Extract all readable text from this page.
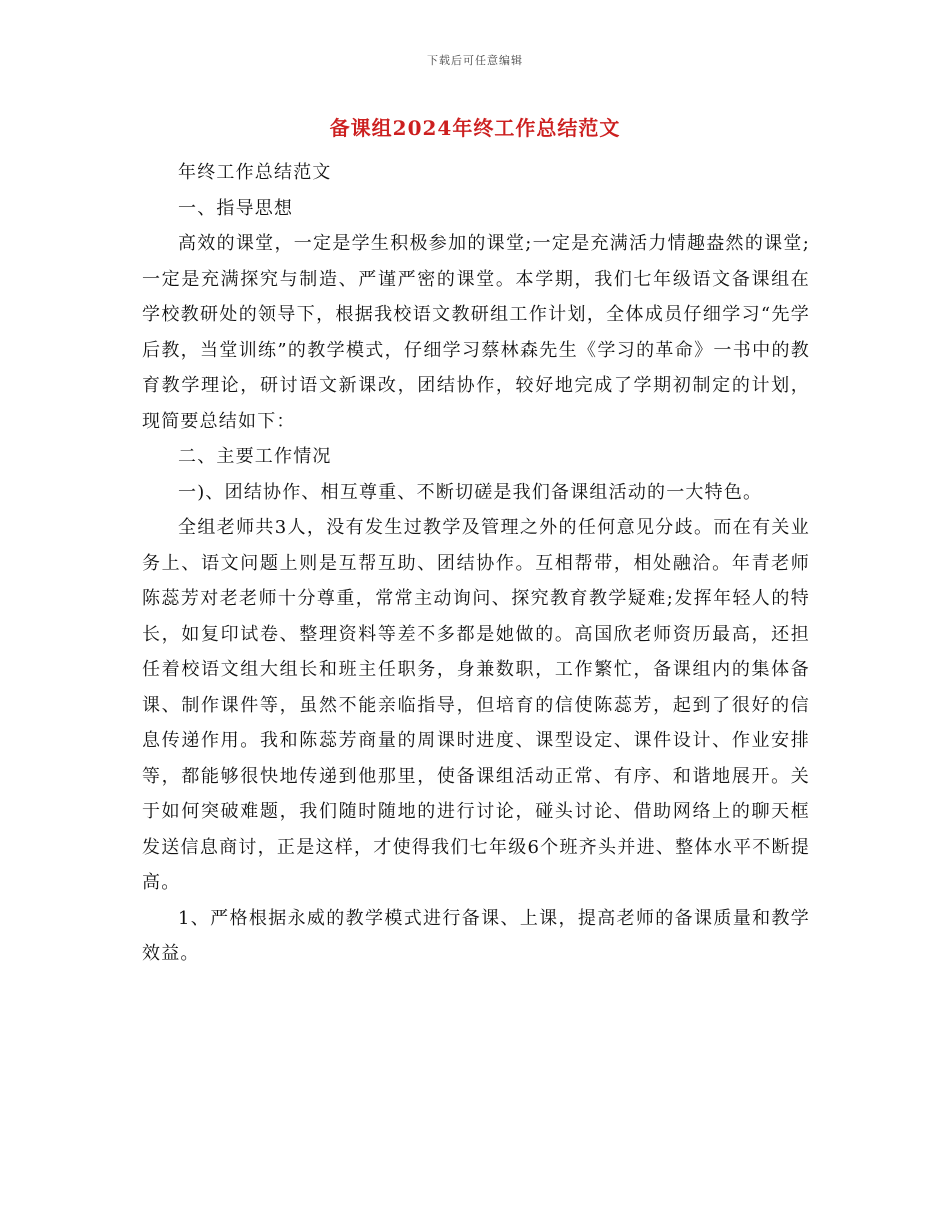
下载后可任意编辑
备课组2024年终工作总结范文

年终工作总结范文

一、指导思想

高效的课堂，一定是学生积极参加的课堂;一定是充满活力情趣盎然的课堂;一定是充满探究与制造、严谨严密的课堂。本学期，我们七年级语文备课组在学校教研处的领导下，根据我校语文教研组工作计划，全体成员仔细学习“先学后教，当堂训练”的教学模式，仔细学习蔡林森先生《学习的革命》一书中的教育教学理论，研讨语文新课改，团结协作，较好地完成了学期初制定的计划，现简要总结如下：

二、主要工作情况

一)、团结协作、相互尊重、不断切磋是我们备课组活动的一大特色。

全组老师共3人，没有发生过教学及管理之外的任何意见分歧。而在有关业务上、语文问题上则是互帮互助、团结协作。互相帮带，相处融洽。年青老师陈蕊芳对老老师十分尊重，常常主动询问、探究教育教学疑难;发挥年轻人的特长，如复印试卷、整理资料等差不多都是她做的。高国欣老师资历最高，还担任着校语文组大组长和班主任职务，身兼数职，工作繁忙，备课组内的集体备课、制作课件等，虽然不能亲临指导，但培育的信使陈蕊芳，起到了很好的信息传递作用。我和陈蕊芳商量的周课时进度、课型设定、课件设计、作业安排等，都能够很快地传递到他那里，使备课组活动正常、有序、和谐地展开。关于如何突破难题，我们随时随地的进行讨论，碰头讨论、借助网络上的聊天框发送信息商讨，正是这样，才使得我们七年级6个班齐头并进、整体水平不断提高。

1、严格根据永威的教学模式进行备课、上课，提高老师的备课质量和教学效益。
